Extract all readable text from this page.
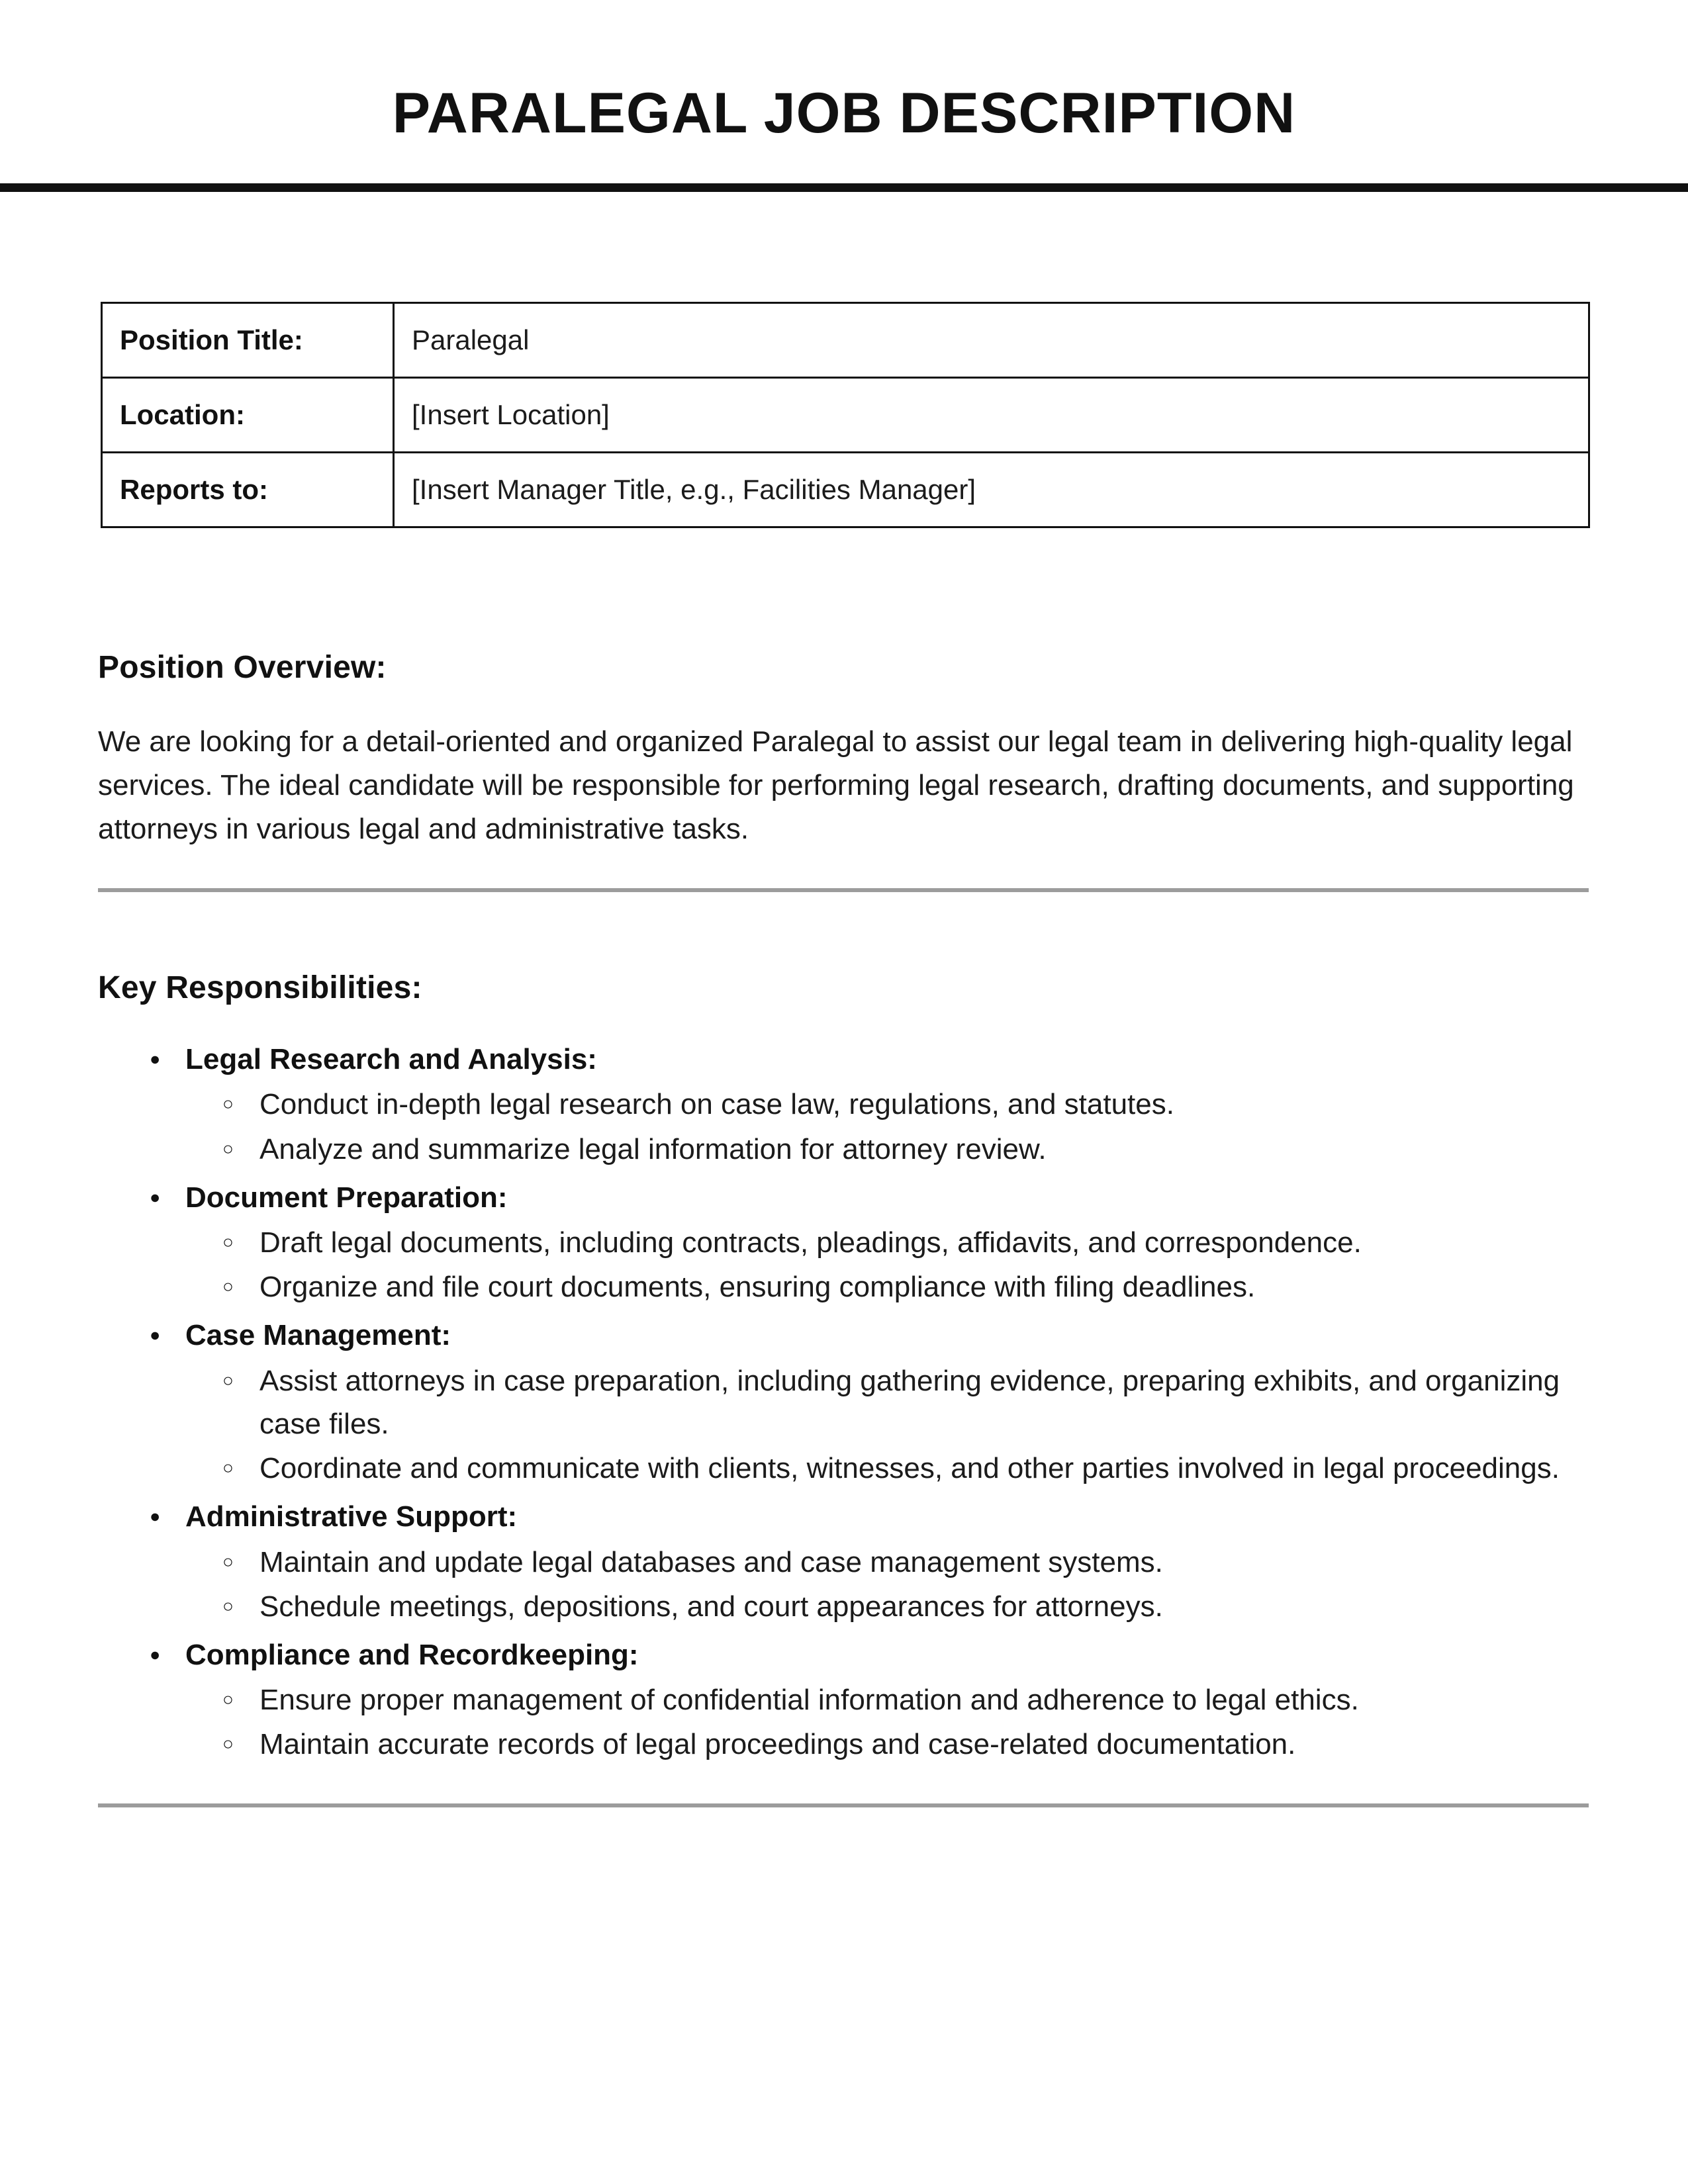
PARALEGAL JOB DESCRIPTION
Position Title:	Paralegal
Location:	[Insert Location]
Reports to:	[Insert Manager Title, e.g., Facilities Manager]
Position Overview:

We are looking for a detail-oriented and organized Paralegal to assist our legal team in delivering high-quality legal services. The ideal candidate will be responsible for performing legal research, drafting documents, and supporting attorneys in various legal and administrative tasks.

Key Responsibilities:
● Legal Research and Analysis:
○ Conduct in-depth legal research on case law, regulations, and statutes.
○ Analyze and summarize legal information for attorney review.
● Document Preparation:
○ Draft legal documents, including contracts, pleadings, affidavits, and correspondence.
○ Organize and file court documents, ensuring compliance with filing deadlines.
● Case Management:
○ Assist attorneys in case preparation, including gathering evidence, preparing exhibits, and organizing case files.
○ Coordinate and communicate with clients, witnesses, and other parties involved in legal proceedings.
● Administrative Support:
○ Maintain and update legal databases and case management systems.
○ Schedule meetings, depositions, and court appearances for attorneys.
● Compliance and Recordkeeping:
○ Ensure proper management of confidential information and adherence to legal ethics.
○ Maintain accurate records of legal proceedings and case-related documentation.
